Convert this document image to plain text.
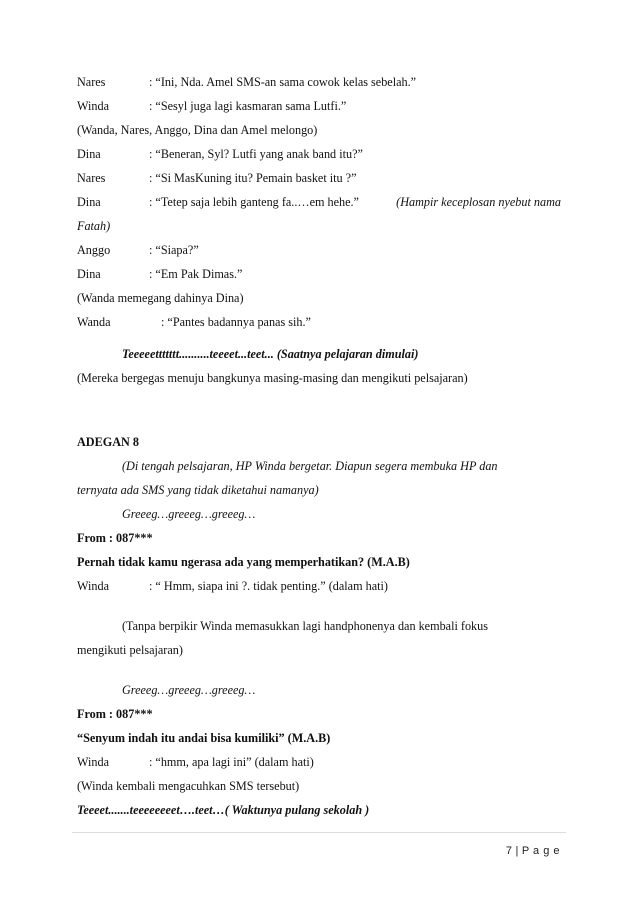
Nares	: “Ini, Nda. Amel SMS-an sama cowok kelas sebelah.”
Winda	: “Sesyl juga lagi kasmaran sama Lutfi.”
(Wanda, Nares, Anggo, Dina dan Amel melongo)
Dina	: “Beneran, Syl? Lutfi yang anak band itu?”
Nares	: “Si MasKuning itu? Pemain basket itu ?”
Dina	: “Tetep saja lebih ganteng fa..…em hehe.”	(Hampir keceplosan nyebut nama
Fatah)
Anggo	: “Siapa?”
Dina	: “Em Pak Dimas.”
(Wanda memegang dahinya Dina)
Wanda	: “Pantes badannya panas sih.”
Teeeeettttttt..........teeeet...teet... (Saatnya pelajaran dimulai)
(Mereka bergegas menuju bangkunya masing-masing dan mengikuti pelsajaran)
ADEGAN 8
(Di tengah pelsajaran, HP Winda bergetar. Diapun segera membuka HP dan
ternyata ada SMS yang tidak diketahui namanya)
Greeeg…greeeg…greeeg…
From : 087***
Pernah tidak kamu ngerasa ada yang memperhatikan? (M.A.B)
Winda	: “ Hmm, siapa ini ?. tidak penting.” (dalam hati)
(Tanpa berpikir Winda memasukkan lagi handphonenya dan kembali fokus
mengikuti pelsajaran)
Greeeg…greeeg…greeeg…
From : 087***
“Senyum indah itu andai bisa kumiliki” (M.A.B)
Winda	: “hmm, apa lagi ini” (dalam hati)
(Winda kembali mengacuhkan SMS tersebut)
Teeeet.......teeeeeeeet….teet…( Waktunya pulang sekolah )
7 | P a g e
